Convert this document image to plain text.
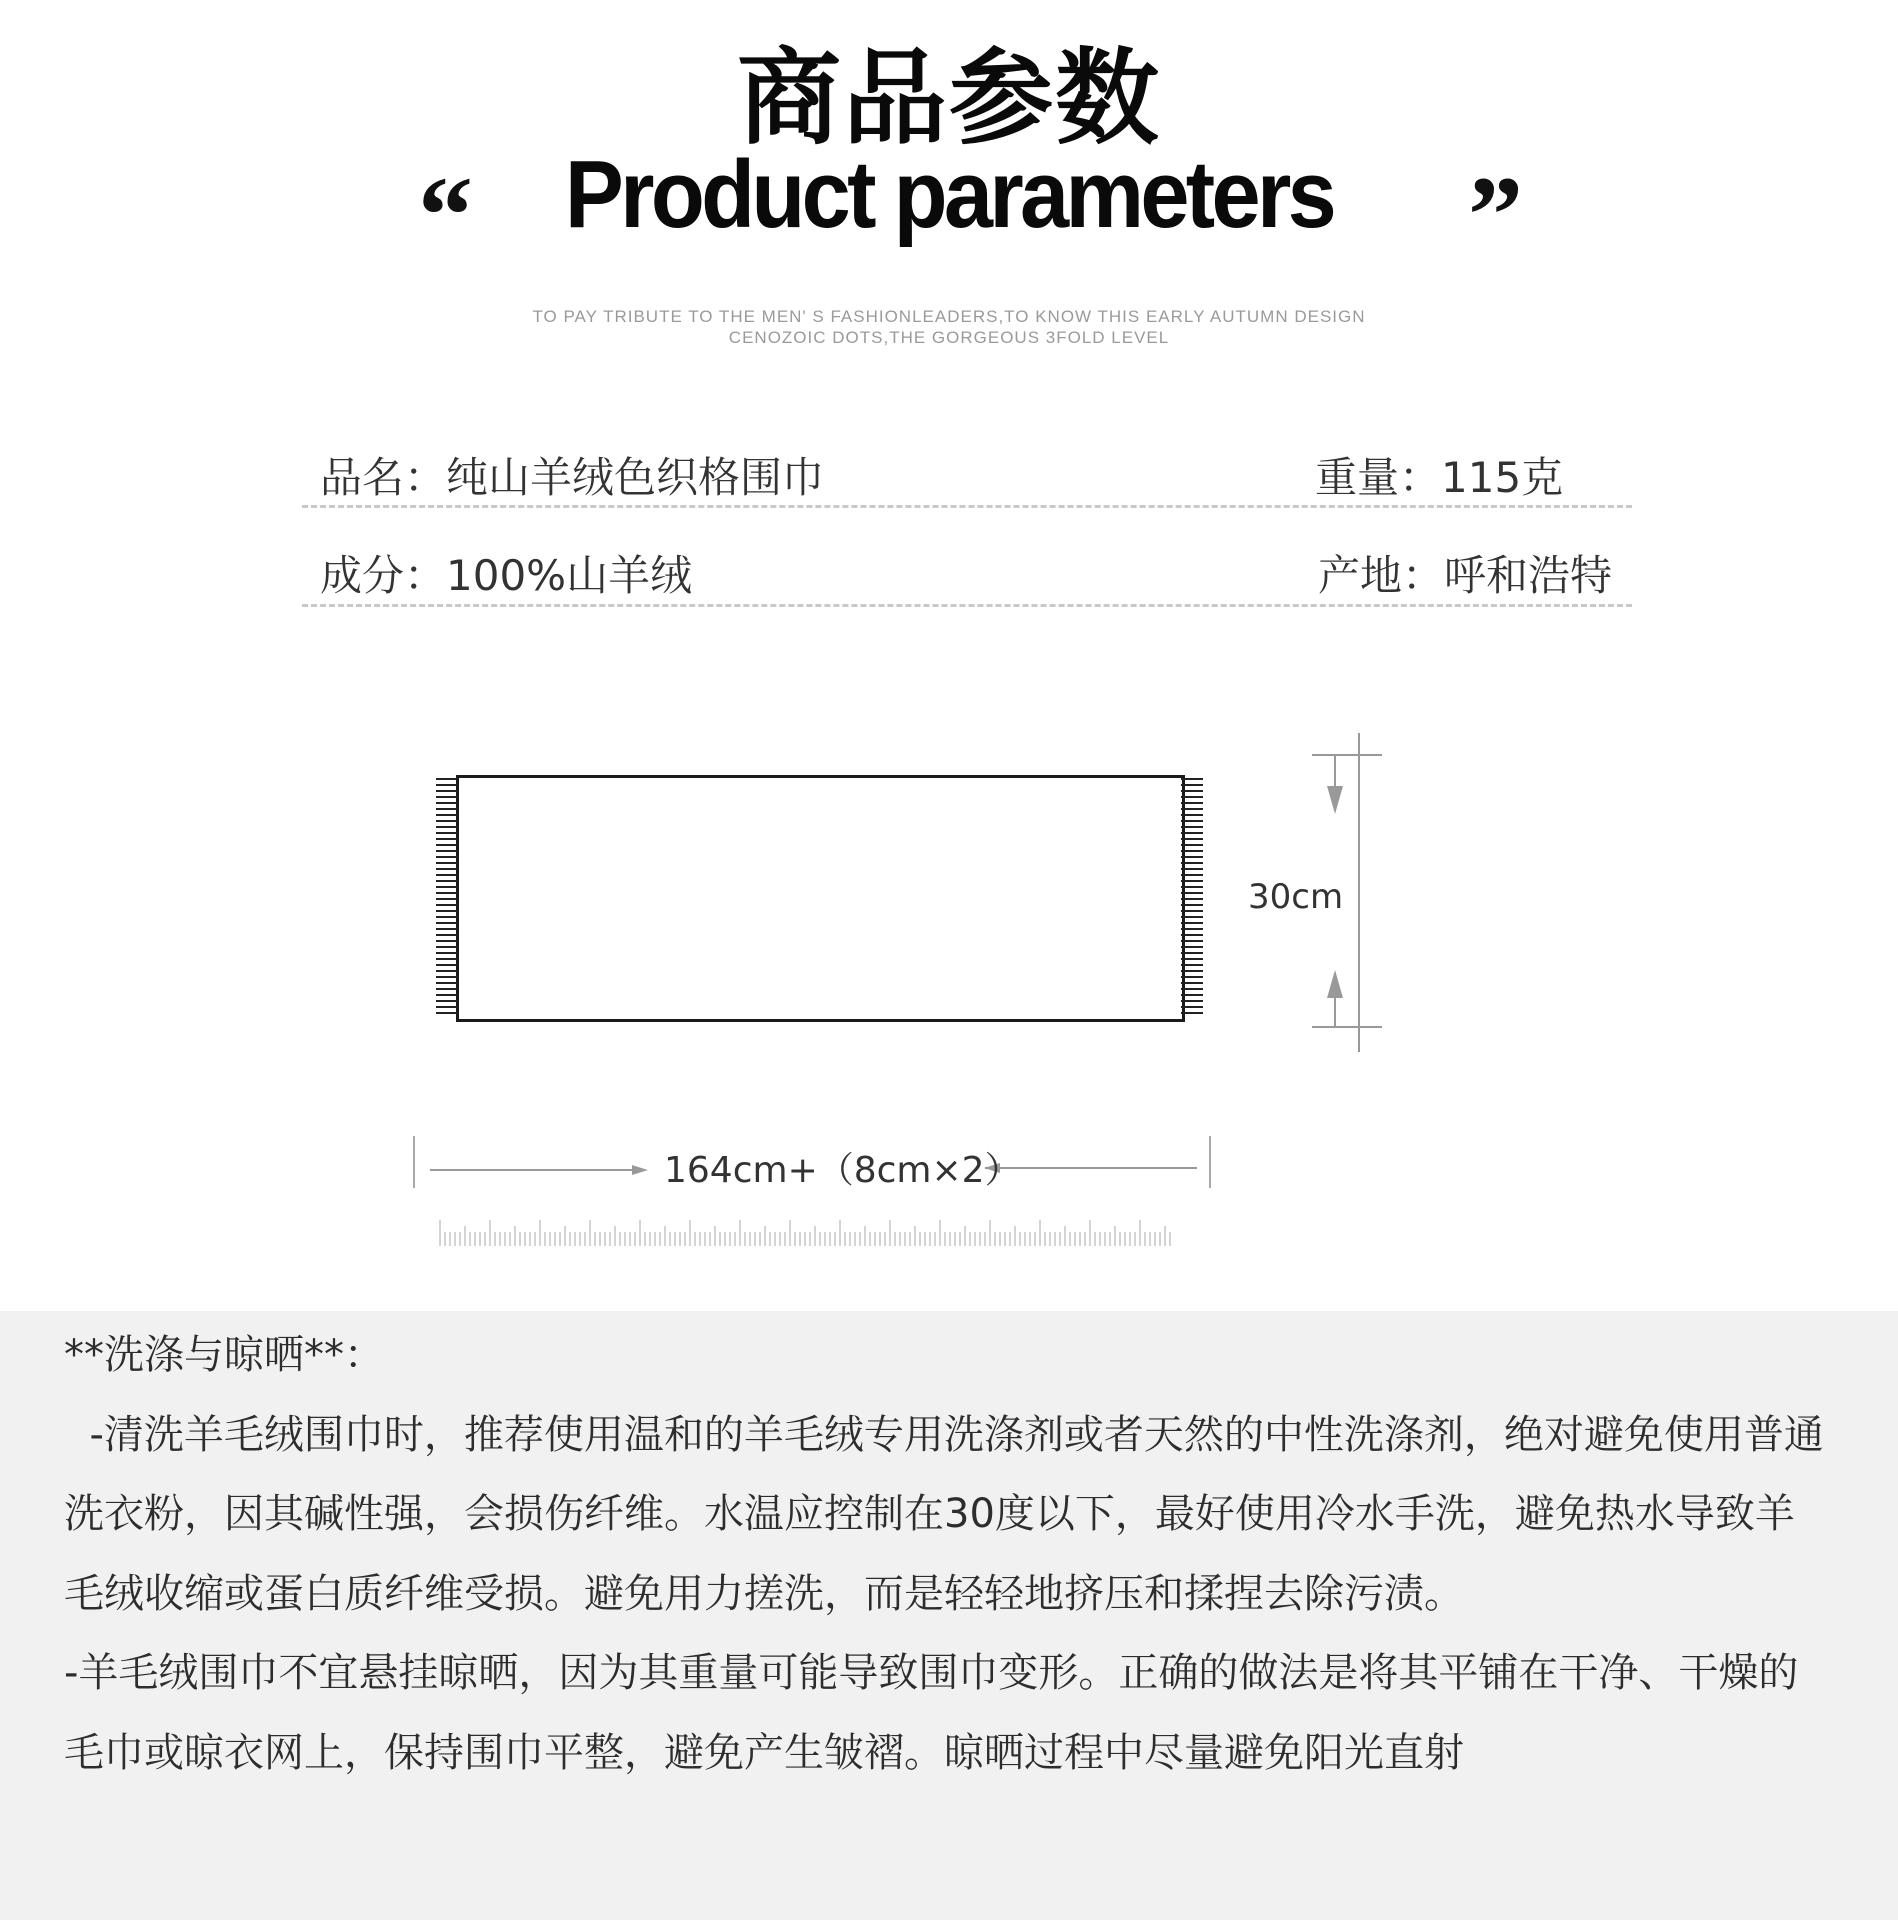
商品参数
“ Product parameters	”
TO PAY TRIBUTE TO THE MEN' S FASHIONLEADERS,TO KNOW THIS EARLY AUTUMN DESIGN
CENOZOIC DOTS,THE GORGEOUS 3FOLD LEVEL
品名：纯山羊绒色织格围巾	重量：115克
成分：100%山羊绒	产地：呼和浩特
30cm
164cm+（8cm×2）

**洗涤与晾晒**：

-清洗羊毛绒围巾时，推荐使用温和的羊毛绒专用洗涤剂或者天然的中性洗涤剂，绝对避免使用普通洗衣粉，因其碱性强，会损伤纤维。水温应控制在30度以下，最好使用冷水手洗，避免热水导致羊毛绒收缩或蛋白质纤维受损。避免用力搓洗，而是轻轻地挤压和揉捏去除污渍。

-羊毛绒围巾不宜悬挂晾晒，因为其重量可能导致围巾变形。正确的做法是将其平铺在干净、干燥的毛巾或晾衣网上，保持围巾平整，避免产生皱褶。晾晒过程中尽量避免阳光直射
